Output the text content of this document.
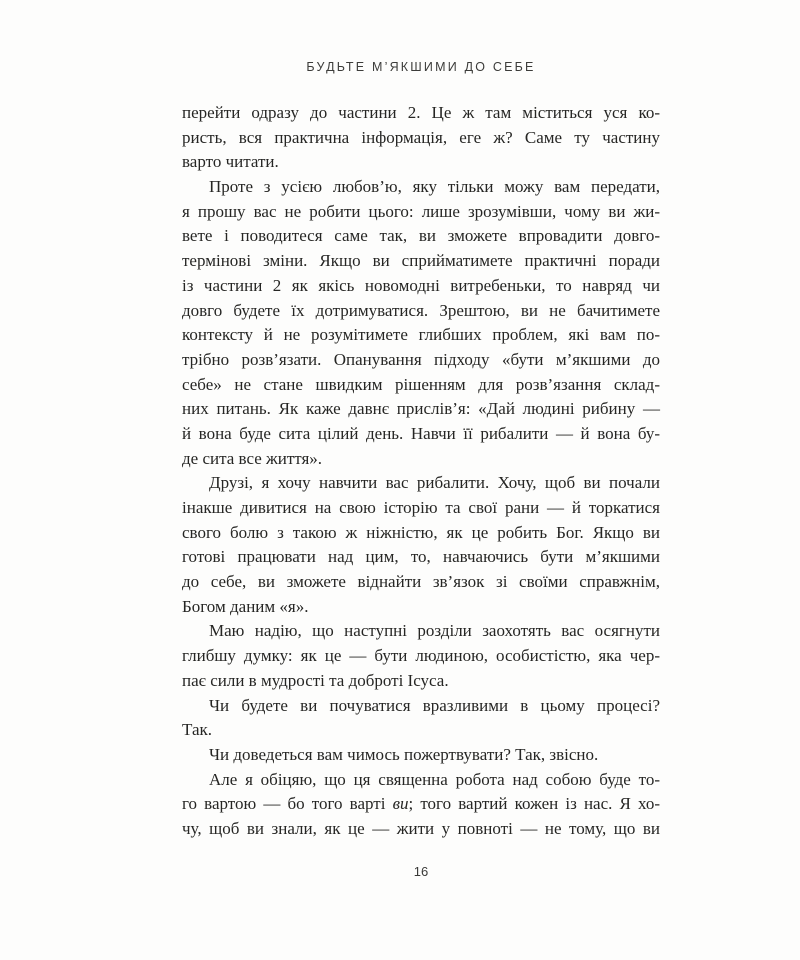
БУДЬТЕ М’ЯКШИМИ ДО СЕБЕ
перейти одразу до частини 2. Це ж там міститься уся ко-
ристь, вся практична інформація, еге ж? Саме ту частину
варто читати.
Проте з усією любов’ю, яку тільки можу вам передати,
я прошу вас не робити цього: лише зрозумівши, чому ви жи-
вете і поводитеся саме так, ви зможете впровадити довго-
термінові зміни. Якщо ви сприйматимете практичні поради
із частини 2 як якісь новомодні витребеньки, то навряд чи
довго будете їх дотримуватися. Зрештою, ви не бачитимете
контексту й не розумітимете глибших проблем, які вам по-
трібно розв’язати. Опанування підходу «бути м’якшими до
себе» не стане швидким рішенням для розв’язання склад-
них питань. Як каже давнє прислів’я: «Дай людині рибину —
й вона буде сита цілий день. Навчи її рибалити — й вона бу-
де сита все життя».
Друзі, я хочу навчити вас рибалити. Хочу, щоб ви почали
інакше дивитися на свою історію та свої рани — й торкатися
свого болю з такою ж ніжністю, як це робить Бог. Якщо ви
готові працювати над цим, то, навчаючись бути м’якшими
до себе, ви зможете віднайти зв’язок зі своїми справжнім,
Богом даним «я».
Маю надію, що наступні розділи заохотять вас осягнути
глибшу думку: як це — бути людиною, особистістю, яка чер-
пає сили в мудрості та доброті Ісуса.
Чи будете ви почуватися вразливими в цьому процесі?
Так.
Чи доведеться вам чимось пожертвувати? Так, звісно.
Але я обіцяю, що ця священна робота над собою буде то-
го вартою — бо того варті ви; того вартий кожен із нас. Я хо-
чу, щоб ви знали, як це — жити у повноті — не тому, що ви
16
